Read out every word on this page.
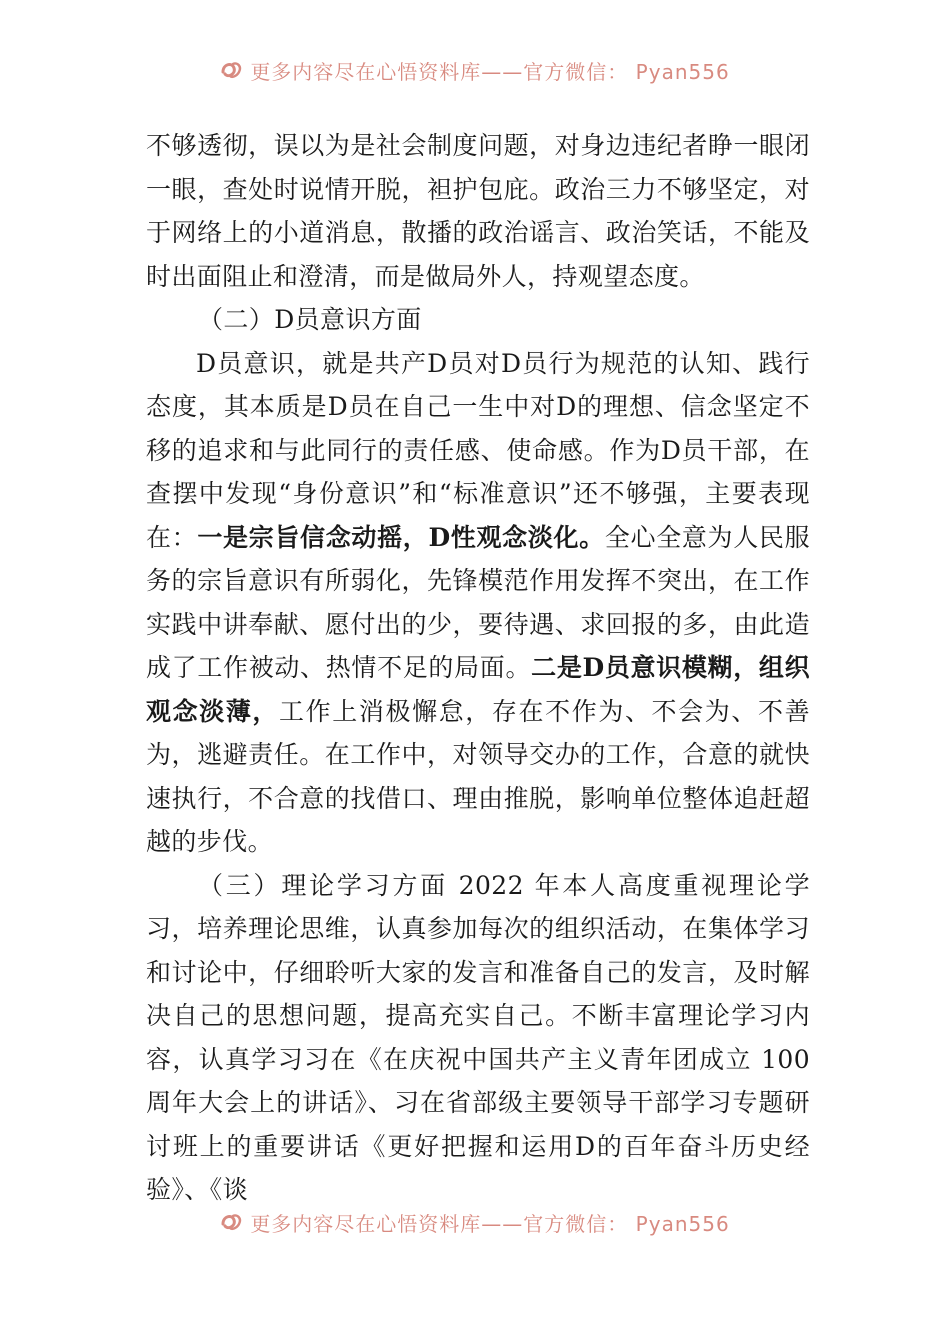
更多内容尽在心悟资料库——官方微信： Pyan556

不够透彻，误以为是社会制度问题，对身边违纪者睁一眼闭一眼，查处时说情开脱，袒护包庇。政治三力不够坚定，对于网络上的小道消息，散播的政治谣言、政治笑话，不能及时出面阻止和澄清，而是做局外人，持观望态度。

（二）D员意识方面

D员意识，就是共产D员对D员行为规范的认知、践行态度，其本质是D员在自己一生中对D的理想、信念坚定不移的追求和与此同行的责任感、使命感。作为D员干部，在查摆中发现“身份意识”和“标准意识”还不够强，主要表现在：一是宗旨信念动摇，D性观念淡化。全心全意为人民服务的宗旨意识有所弱化，先锋模范作用发挥不突出，在工作实践中讲奉献、愿付出的少，要待遇、求回报的多，由此造成了工作被动、热情不足的局面。二是D员意识模糊，组织观念淡薄，工作上消极懈怠，存在不作为、不会为、不善为，逃避责任。在工作中，对领导交办的工作，合意的就快速执行，不合意的找借口、理由推脱，影响单位整体追赶超越的步伐。

（三）理论学习方面 2022 年本人高度重视理论学习，培养理论思维，认真参加每次的组织活动，在集体学习和讨论中，仔细聆听大家的发言和准备自己的发言，及时解决自己的思想问题，提高充实自己。不断丰富理论学习内容，认真学习习在《在庆祝中国共产主义青年团成立 100 周年大会上的讲话》、习在省部级主要领导干部学习专题研讨班上的重要讲话《更好把握和运用D的百年奋斗历史经验》、《谈

更多内容尽在心悟资料库——官方微信： Pyan556
